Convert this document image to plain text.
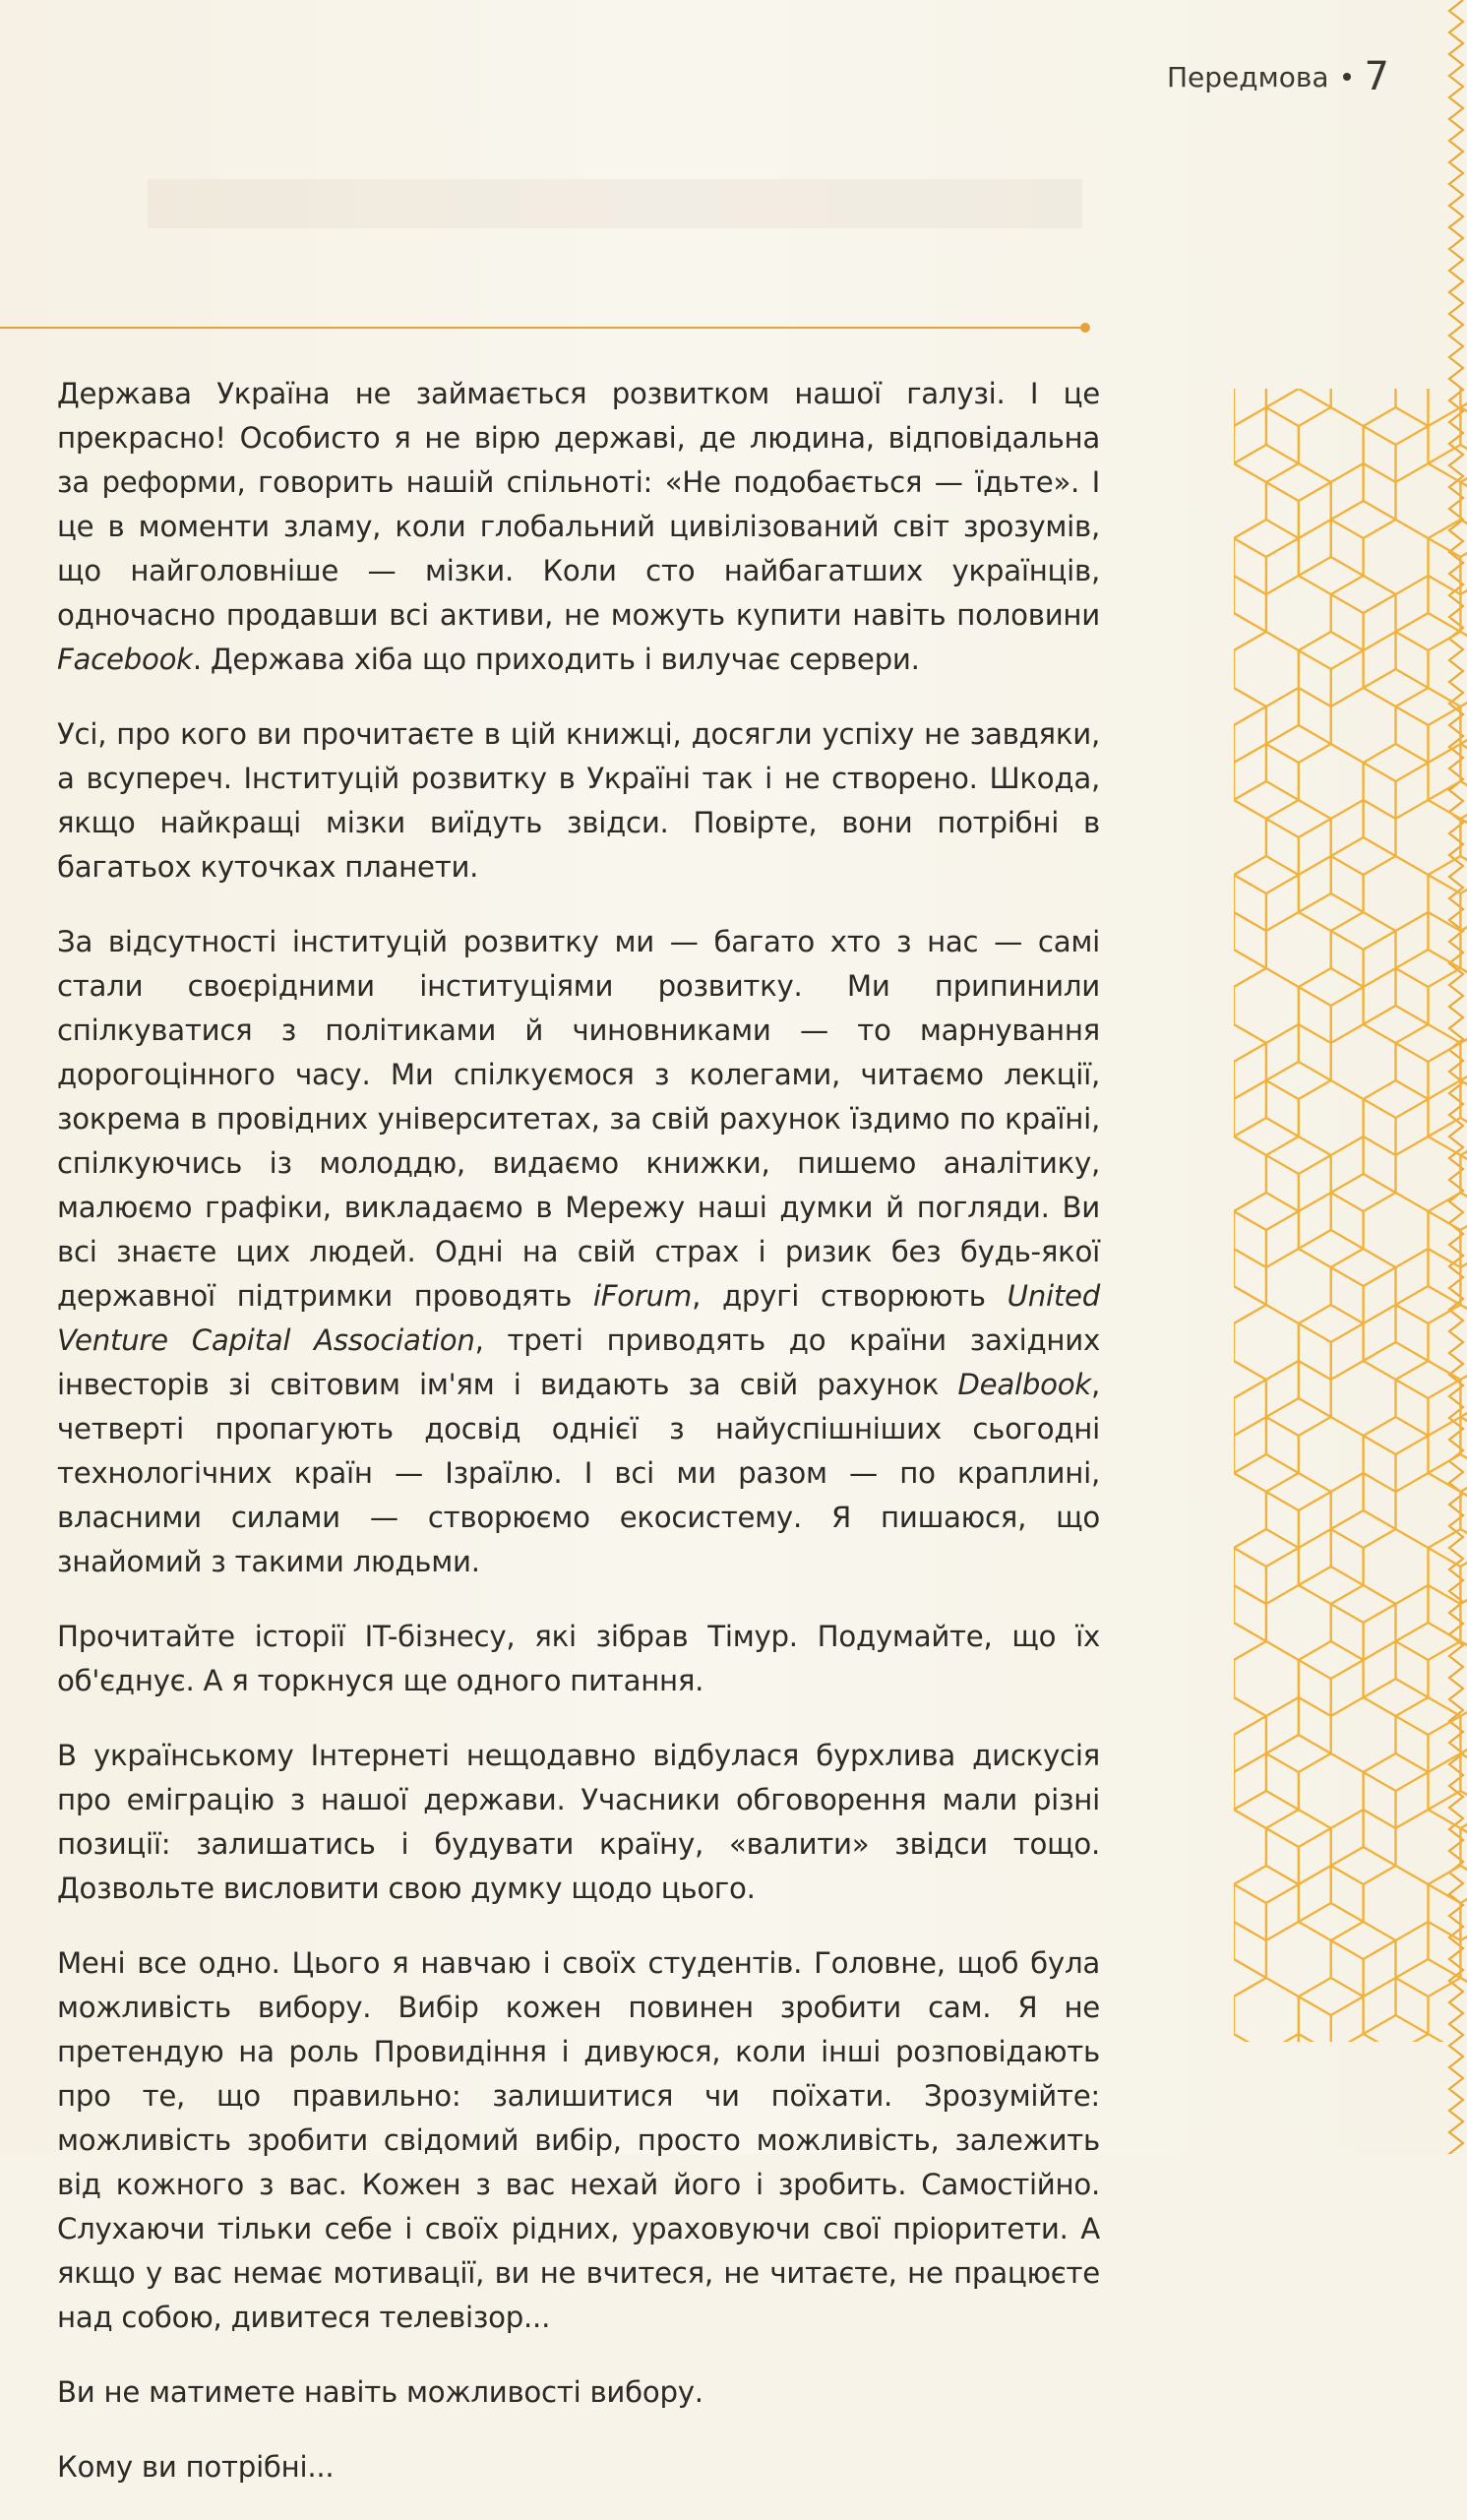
Передмова 7

Держава Україна не займається розвитком нашої галузі. І це прекрасно! Особисто я не вірю державі, де людина, відповідальна за реформи, говорить нашій спільноті: «Не подобається — їдьте». І це в моменти зламу, коли глобальний цивілізований світ зрозумів, що найголовніше — мізки. Коли сто найбагатших українців, одночасно продавши всі активи, не можуть купити навіть половини Facebook. Держава хіба що приходить і вилучає сервери.

Усі, про кого ви прочитаєте в цій книжці, досягли успіху не завдяки, а всупереч. Інституцій розвитку в Україні так і не створено. Шкода, якщо найкращі мізки виїдуть звідси. Повірте, вони потрібні в багатьох куточках планети.

За відсутності інституцій розвитку ми — багато хто з нас — самі стали своєрідними інституціями розвитку. Ми припинили спілкуватися з політиками й чиновниками — то марнування дорогоцінного часу. Ми спілкуємося з колегами, читаємо лекції, зокрема в провідних університетах, за свій рахунок їздимо по країні, спілкуючись із молоддю, видаємо книжки, пишемо аналітику, малюємо графіки, викладаємо в Мережу наші думки й погляди. Ви всі знаєте цих людей. Одні на свій страх і ризик без будь-якої державної підтримки проводять iForum, другі створюють United Venture Capital Association, треті приводять до країни західних інвесторів зі світовим ім'ям і видають за свій рахунок Dealbook, четверті пропагують досвід однієї з найуспішніших сьогодні технологічних країн — Ізраїлю. І всі ми разом — по краплині, власними силами — створюємо екосистему. Я пишаюся, що знайомий з такими людьми.

Прочитайте історії IT-бізнесу, які зібрав Тімур. Подумайте, що їх об'єднує. А я торкнуся ще одного питання.

В українському Інтернеті нещодавно відбулася бурхлива дискусія про еміграцію з нашої держави. Учасники обговорення мали різні позиції: залишатись і будувати країну, «валити» звідси тощо. Дозвольте висловити свою думку щодо цього.

Мені все одно. Цього я навчаю і своїх студентів. Головне, щоб була можливість вибору. Вибір кожен повинен зробити сам. Я не претендую на роль Провидіння і дивуюся, коли інші розповідають про те, що правильно: залишитися чи поїхати. Зрозумійте: можливість зробити свідомий вибір, просто можливість, залежить від кожного з вас. Кожен з вас нехай його і зробить. Самостійно. Слухаючи тільки себе і своїх рідних, ураховуючи свої пріоритети. А якщо у вас немає мотивації, ви не вчитеся, не читаєте, не працюєте над собою, дивитеся телевізор...

Ви не матимете навіть можливості вибору.

Кому ви потрібні...
